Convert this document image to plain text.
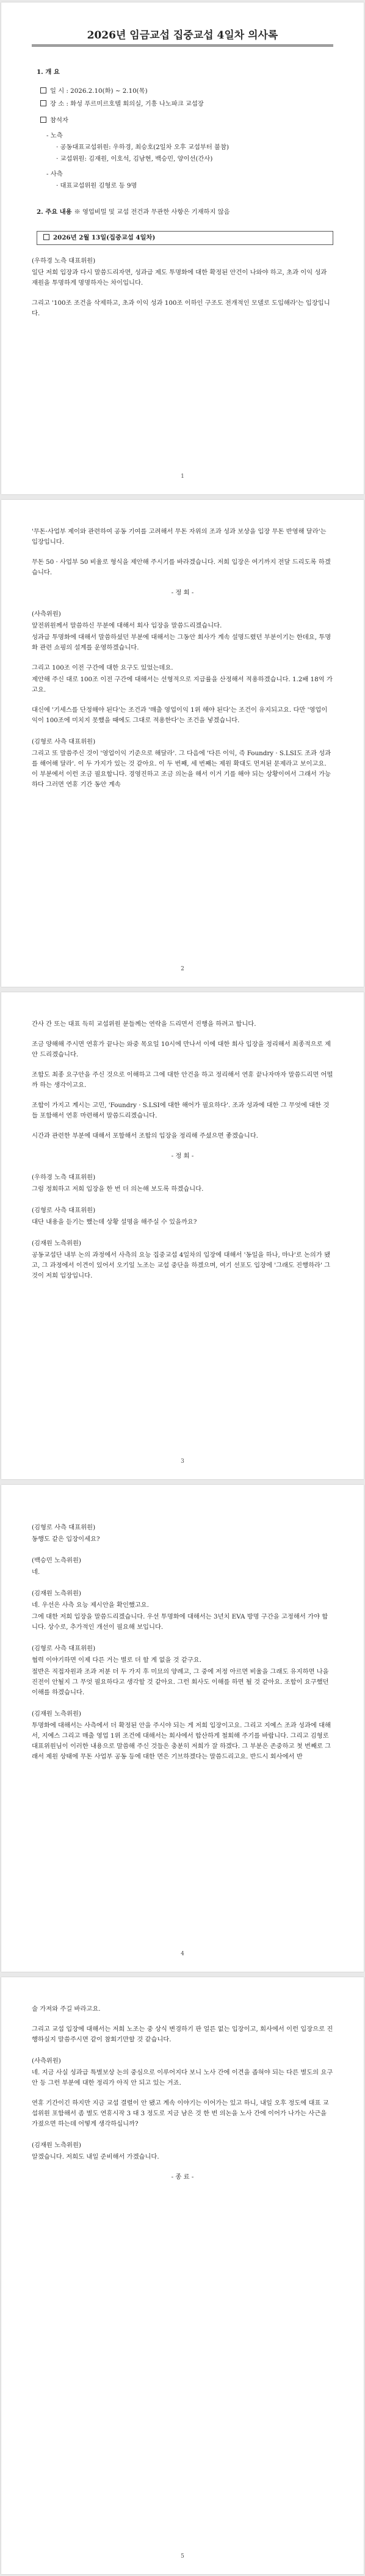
2026년 임금교섭 집중교섭 4일차 의사록
1. 개 요
일 시 : 2026.2.10(화) ~ 2.10(목)
장 소 : 화성 푸르미르호텔 회의실, 기흥 나노파크 교섭장
참석자
- 노측
· 공동대표교섭위원: 우하경, 최승호(2일차 오후 교섭부터 불참)
· 교섭위원: 김재원, 이호석, 김남현, 백승민, 양이선(간사)
- 사측
· 대표교섭위원 김형로 등 9명
2. 주요 내용 ※ 영업비밀 및 교섭 전건과 무관한 사항은 기재하지 않음
2026년 2월 13일(집중교섭 4일차)
(우하경 노측 대표위원)
일단 저희 입장과 다시 말씀드리자면, 성과급 제도 투명화에 대한 확정된 안건이 나와야 하고, 초과 이익 성과 재원을 투명하게 명명하자는 차이입니다.
그리고 '100조 조건을 삭제하고, 초과 이익 성과 100조 이하인 구조도 전개적인 모델로 도입해라'는 입장입니다.
1
'무돈·사업부 제이와 관련하여 공동 기여를 고려해서 무돈 자위의 조과 성과 보상을 입장 무돈 반영해 달라'는 입장입니다.
무돈 50 · 사업부 50 비율로 형식을 제안해 주시기를 바라겠습니다. 저희 입장은 여기까지 전달 드리도록 하겠습니다.
- 정 회 -
(사측위원)
앞전위원께서 말씀하신 무분에 대해서 회사 입장을 말씀드리겠습니다.
성과급 투명화에 대해서 말씀하셨던 부분에 대해서는 그동안 회사가 계속 설명드렸던 부분이기는 한데요, 투명화 관련 쇼핑의 설계를 운영하겠습니다.
그리고 100조 이전 구간에 대한 요구도 있었는데요.
제안해 주신 대로 100조 이전 구간에 대해서는 선형적으로 지급률을 산정해서 적용하겠습니다. 1.2배 18억 가고요.
대신에 '기세스를 단정해야 된다'는 조건과 '매출 영업이익 1위 해야 된다'는 조건이 유지되고요. 다만 '영업이익이 100조에 미치지 못했을 때에도 그대로 적용한다'는 조건을 넣겠습니다.
(김형로 사측 대표위원)
그리고 또 말씀주신 것이 '영업이익 기준으로 해달라'. 그 다음에 '다른 이익, 즉 Foundry · S.LSI도 조과 성과를 해어해 달라'. 이 두 가지가 있는 것 같아요. 이 두 번째, 세 번째는 제원 확대도 먼저된 문제라고 보이고요. 이 부분에서 이런 조금 필요합니다. 경영진하고 조금 의논을 해서 이거 기를 해야 되는 상황이여서 그래서 가능하다 그러면 연휴 기간 동안 계속
2
간사 간 또는 대표 득히 교섭위원 분들께는 연락을 드리면서 진행을 하려고 합니다.
조금 양해해 주시면 연휴가 끝나는 와중 목요일 10시에 만나서 이에 대한 회사 입장을 정리해서 최종적으로 제안 드리겠습니다.
조합도 최종 요구안을 주신 것으로 이해하고 그에 대한 안건을 하고 정리해서 연휴 끝나자마자 말씀드리면 어떨까 하는 생각이고요.
조합이 가지고 계시는 고민, 'Foundry · S.LSI에 대한 해어가 필요하다'. 조과 성과에 대한 그 무엇에 대한 것들 포함해서 연휴 마련해서 말씀드리겠습니다.
시간과 관련한 부분에 대해서 포함해서 조합의 입장을 정리해 주셨으면 좋겠습니다.
- 정 회 -
(우하경 노측 대표위원)
그럼 정회하고 저희 입장을 한 번 더 의논해 보도록 하겠습니다.
(김형로 사측 대표위원)
대단 내용을 듣기는 했는데 상황 설명을 해주실 수 있을까요?
(김재원 노측위원)
공동교섭단 내부 논의 과정에서 사측의 요능 집중교섭 4일차의 입장에 대해서 '동일을 하나, 마나'로 논의가 됐고, 그 과정에서 이견이 있어서 오기일 노조는 교섭 중단을 하겠으며, 여기 선포도 입장에 '그래도 진행하라' 그것이 저희 입장입니다.
3
(김형로 사측 대표위원)
동행도 같은 입장이세요?
(백승민 노측위원)
네.
(김재원 노측위원)
네. 우선은 사측 요능 제시안을 확인했고요.
그에 대한 저희 입장을 말씀드리겠습니다. 우선 투명화에 대해서는 3년치 EVA 방명 구간을 고정해서 가야 합니다. 상수로, 추가적인 개선이 필요해 보입니다.
(김형로 사측 대표위원)
협력 이야기하면 이제 다른 거는 별로 더 할 게 없을 것 같구요.
절반은 직접자원과 조과 저분 더 두 가지 후 미묘의 양례고, 그 중에 저정 아르면 비율을 그래도 유지하면 나을 진전이 안될지 그 무엇 필요하다고 생각할 것 같아요. 그런 회사도 이해를 하면 될 것 같아요. 조합이 요구했던 이해를 하겠습니다.
(김재원 노측위원)
투명화에 대해서는 사측에서 더 확정된 안을 주시야 되는 게 저희 입장이고요. 그리고 지예스 조과 성과에 대해서, 지예스 그리고 매출 영업 1위 조건에 대해서는 회사에서 합산하게 철회해 주기를 바랍니다. 그리고 김형로 대표위원님이 이러한 내용으로 말씀해 주신 것들은 충분히 저희가 잘 하겠다. 그 부분은 존중하고 첫 번째로 그래서 제원 상태에 무돈 사업부 공동 등에 대한 면은 기브하겠다는 말씀드리고요. 반드시 회사에서 반
4
술 가져와 주길 바라고요.
그리고 교섭 입장에 대해서는 저희 노조는 중 상식 변경하기 판 얼른 없는 입장이고, 회사에서 이런 입장으로 진행하실지 말씀주시면 같이 참회기만할 것 같습니다.
(사측위원)
네. 지금 사실 성과급 특별보상 논의 중심으로 이루어지다 보니 노사 간에 이견을 좁혀야 되는 다른 별도의 요구안 등 그런 부분에 대한 정리가 아직 안 되고 있는 거죠.
연휴 기간이긴 하지만 지금 교섭 결렬이 안 됐고 계속 이야기는 이어가는 있고 하니, 내일 오후 정도에 대표 교섭위원 포함해서 좀 별도 연휴시작 3 대 3 정도로 지금 남은 것 한 번 의논을 노사 간에 이어가 나가는 사근을 가졌으면 하는데 어떻게 생각하십니까?
(김재원 노측위원)
알겠습니다. 저희도 내일 준비해서 가겠습니다.
- 종 료 -
5
